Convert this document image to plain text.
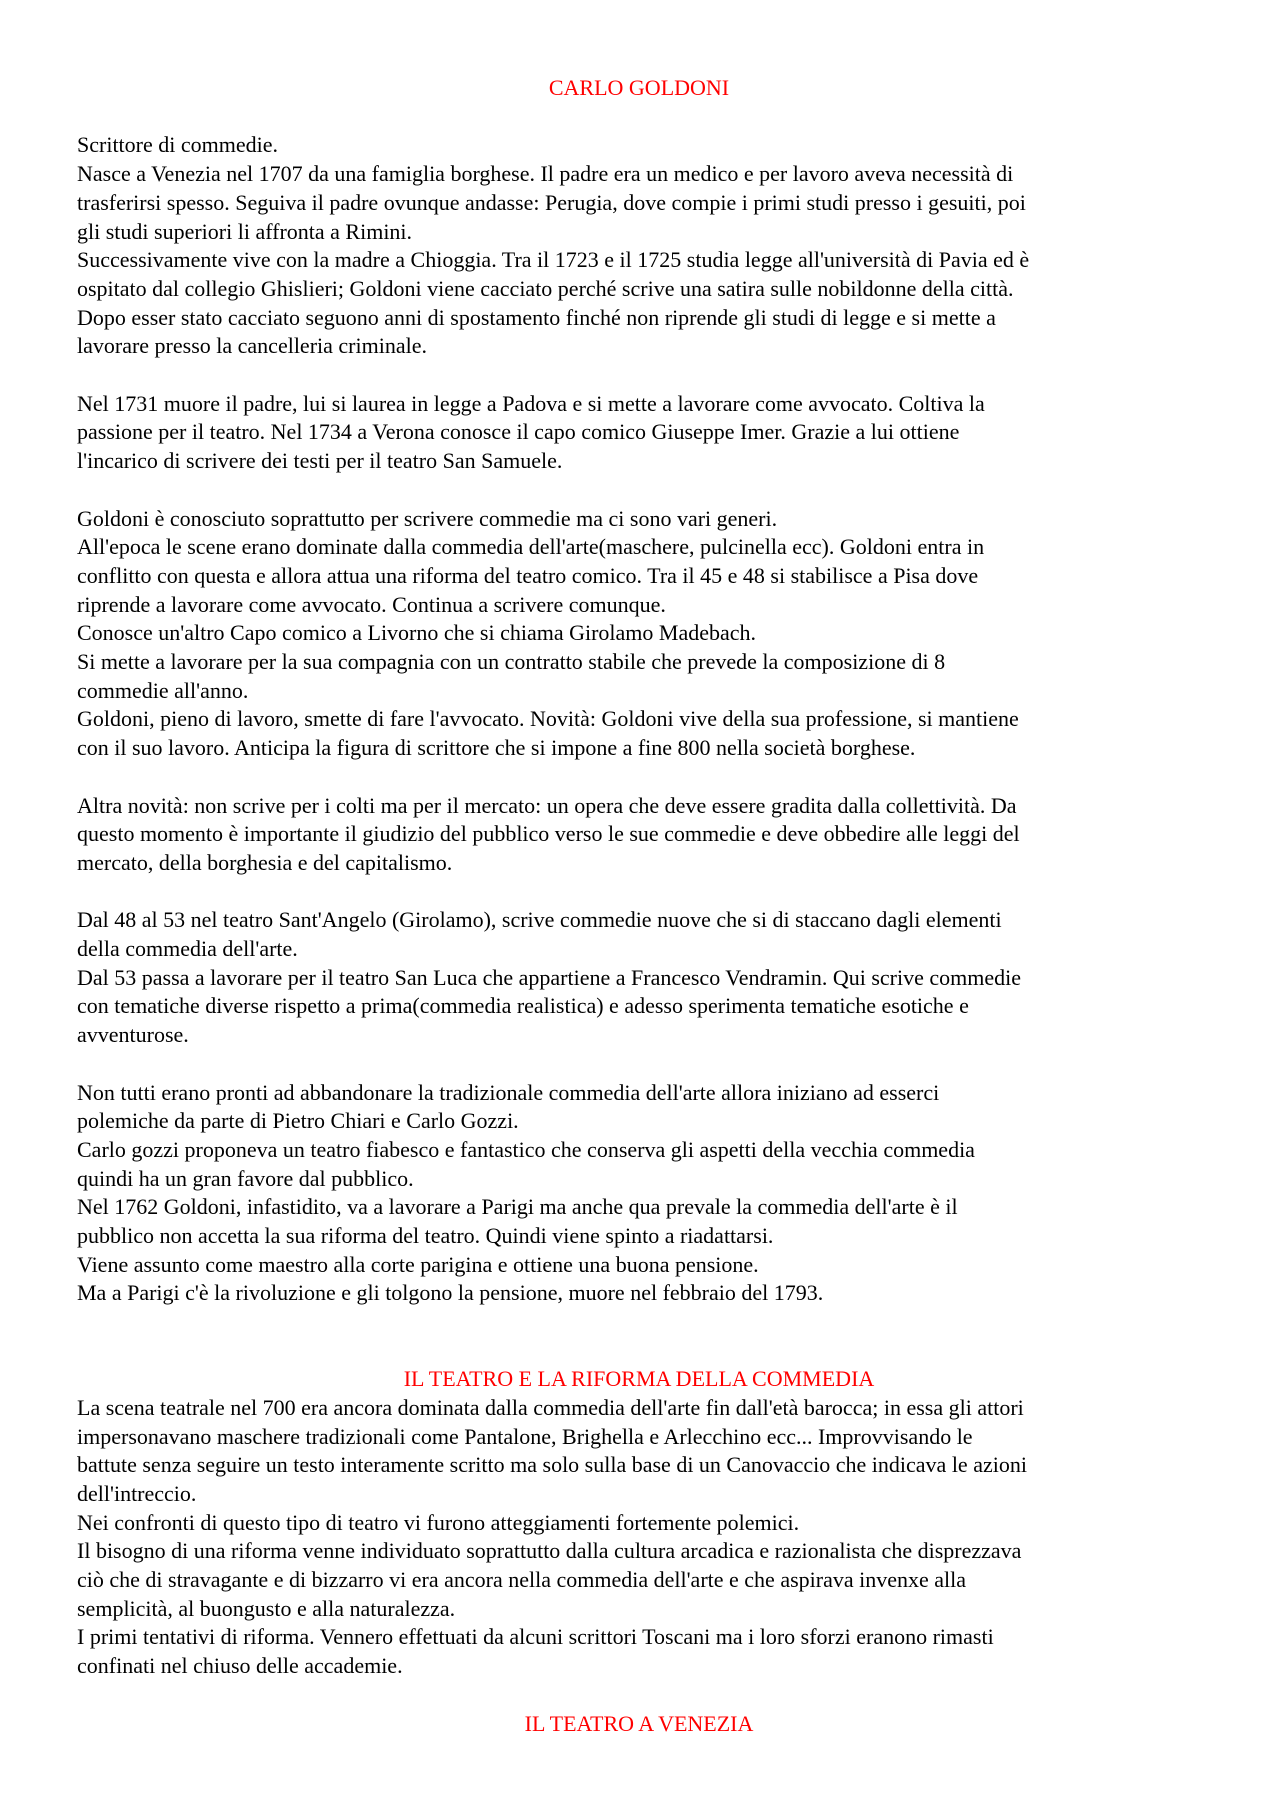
CARLO GOLDONI

Scrittore di commedie.
Nasce a Venezia nel 1707 da una famiglia borghese. Il padre era un medico e per lavoro aveva necessità di
trasferirsi spesso. Seguiva il padre ovunque andasse: Perugia, dove compie i primi studi presso i gesuiti, poi
gli studi superiori li affronta a Rimini.
Successivamente vive con la madre a Chioggia. Tra il 1723 e il 1725 studia legge all'università di Pavia ed è
ospitato dal collegio Ghislieri; Goldoni viene cacciato perché scrive una satira sulle nobildonne della città.
Dopo esser stato cacciato seguono anni di spostamento finché non riprende gli studi di legge e si mette a
lavorare presso la cancelleria criminale.

Nel 1731 muore il padre, lui si laurea in legge a Padova e si mette a lavorare come avvocato. Coltiva la
passione per il teatro. Nel 1734 a Verona conosce il capo comico Giuseppe Imer. Grazie a lui ottiene
l'incarico di scrivere dei testi per il teatro San Samuele.

Goldoni è conosciuto soprattutto per scrivere commedie ma ci sono vari generi.
All'epoca le scene erano dominate dalla commedia dell'arte(maschere, pulcinella ecc). Goldoni entra in
conflitto con questa e allora attua una riforma del teatro comico. Tra il 45 e 48 si stabilisce a Pisa dove
riprende a lavorare come avvocato. Continua a scrivere comunque.
Conosce un'altro Capo comico a Livorno che si chiama Girolamo Madebach.
Si mette a lavorare per la sua compagnia con un contratto stabile che prevede la composizione di 8
commedie all'anno.
Goldoni, pieno di lavoro, smette di fare l'avvocato. Novità: Goldoni vive della sua professione, si mantiene
con il suo lavoro. Anticipa la figura di scrittore che si impone a fine 800 nella società borghese.

Altra novità: non scrive per i colti ma per il mercato: un opera che deve essere gradita dalla collettività. Da
questo momento è importante il giudizio del pubblico verso le sue commedie e deve obbedire alle leggi del
mercato, della borghesia e del capitalismo.

Dal 48 al 53 nel teatro Sant'Angelo (Girolamo), scrive commedie nuove che si di staccano dagli elementi
della commedia dell'arte.
Dal 53 passa a lavorare per il teatro San Luca che appartiene a Francesco Vendramin. Qui scrive commedie
con tematiche diverse rispetto a prima(commedia realistica) e adesso sperimenta tematiche esotiche e
avventurose.

Non tutti erano pronti ad abbandonare la tradizionale commedia dell'arte allora iniziano ad esserci
polemiche da parte di Pietro Chiari e Carlo Gozzi.
Carlo gozzi proponeva un teatro fiabesco e fantastico che conserva gli aspetti della vecchia commedia
quindi ha un gran favore dal pubblico.
Nel 1762 Goldoni, infastidito, va a lavorare a Parigi ma anche qua prevale la commedia dell'arte è il
pubblico non accetta la sua riforma del teatro. Quindi viene spinto a riadattarsi.
Viene assunto come maestro alla corte parigina e ottiene una buona pensione.
Ma a Parigi c'è la rivoluzione e gli tolgono la pensione, muore nel febbraio del 1793.

IL TEATRO E LA RIFORMA DELLA COMMEDIA

La scena teatrale nel 700 era ancora dominata dalla commedia dell'arte fin dall'età barocca; in essa gli attori
impersonavano maschere tradizionali come Pantalone, Brighella e Arlecchino ecc... Improvvisando le
battute senza seguire un testo interamente scritto ma solo sulla base di un Canovaccio che indicava le azioni
dell'intreccio.
Nei confronti di questo tipo di teatro vi furono atteggiamenti fortemente polemici.
Il bisogno di una riforma venne individuato soprattutto dalla cultura arcadica e razionalista che disprezzava
ciò che di stravagante e di bizzarro vi era ancora nella commedia dell'arte e che aspirava invenxe alla
semplicità, al buongusto e alla naturalezza.
I primi tentativi di riforma. Vennero effettuati da alcuni scrittori Toscani ma i loro sforzi eranono rimasti
confinati nel chiuso delle accademie.

IL TEATRO A VENEZIA
